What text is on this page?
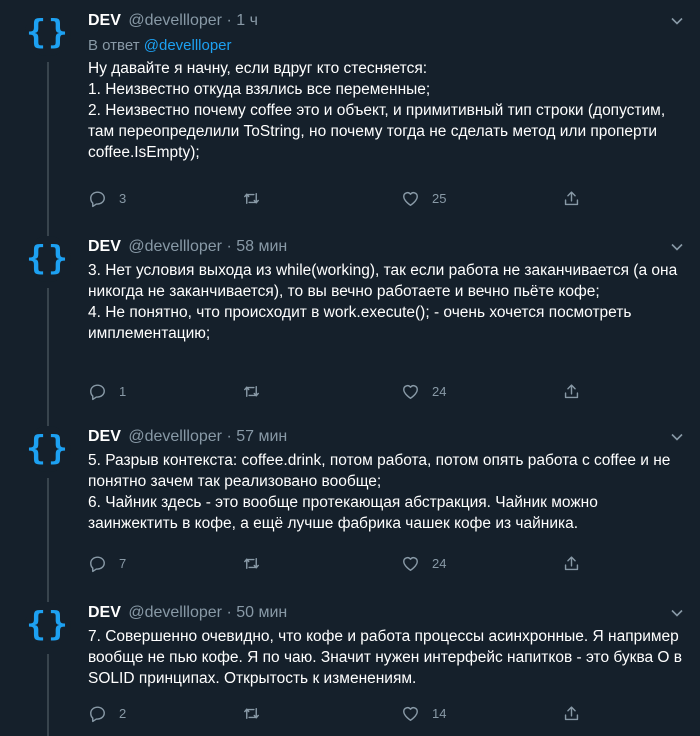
{} DEV @devellloper · 1 ч
В ответ @devellloper
Ну давайте я начну, если вдруг кто стесняется:
1. Неизвестно откуда взялись все переменные;
2. Неизвестно почему coffee это и объект, и примитивный тип строки (допустим, там переопределили ToString, но почему тогда не сделать метод или проперти coffee.IsEmpty);
3	25
{} DEV @devellloper · 58 мин
3. Нет условия выхода из while(working), так если работа не заканчивается (а она никогда не заканчивается), то вы вечно работаете и вечно пьёте кофе;
4. Не понятно, что происходит в work.execute(); - очень хочется посмотреть имплементацию;
1	24
{} DEV @devellloper · 57 мин
5. Разрыв контекста: coffee.drink, потом работа, потом опять работа с coffee и не понятно зачем так реализовано вообще;
6. Чайник здесь - это вообще протекающая абстракция. Чайник можно заинжектить в кофе, а ещё лучше фабрика чашек кофе из чайника.
7	24
{} DEV @devellloper · 50 мин
7. Совершенно очевидно, что кофе и работа процессы асинхронные. Я например вообще не пью кофе. Я по чаю. Значит нужен интерфейс напитков - это буква О в SOLID принципах. Открытость к изменениям.
2	14
